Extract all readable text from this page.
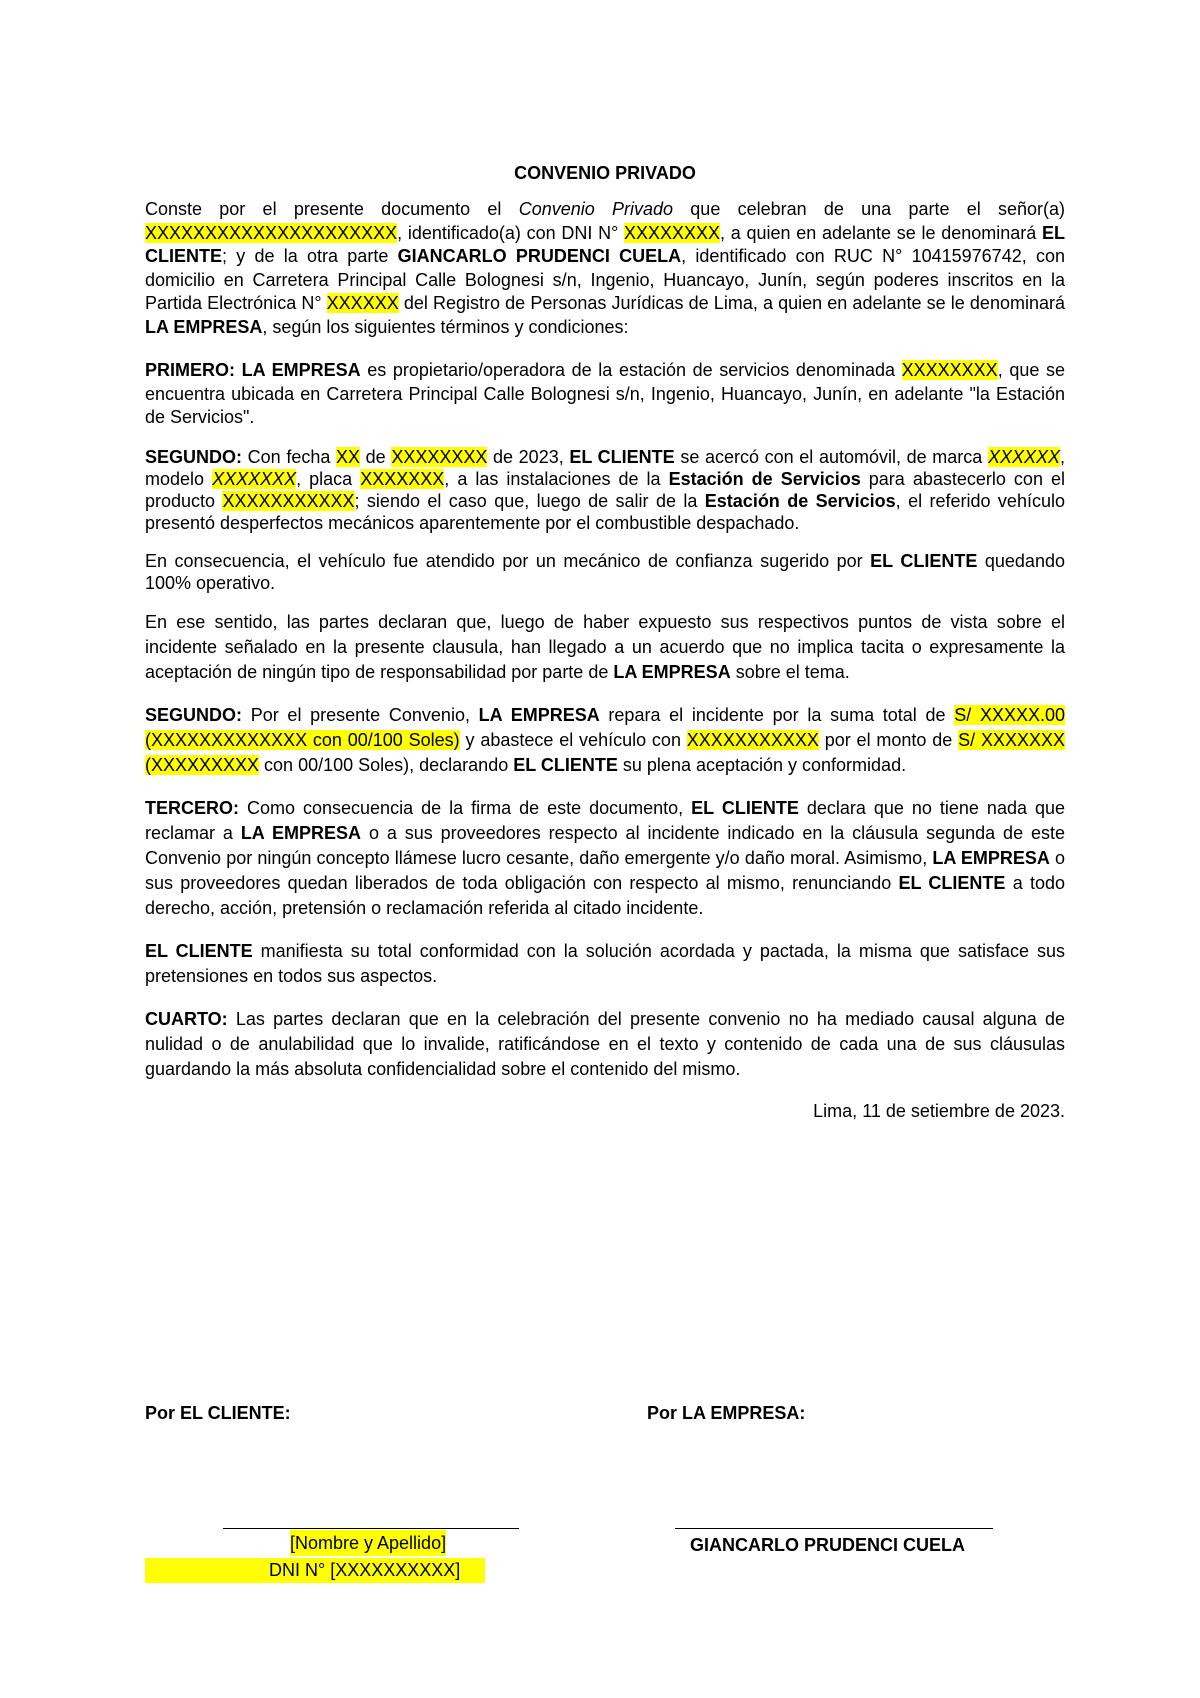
CONVENIO PRIVADO

Conste por el presente documento el Convenio Privado que celebran de una parte el señor(a) XXXXXXXXXXXXXXXXXXXXX, identificado(a) con DNI N° XXXXXXXX, a quien en adelante se le denominará EL CLIENTE; y de la otra parte GIANCARLO PRUDENCI CUELA, identificado con RUC N° 10415976742, con domicilio en Carretera Principal Calle Bolognesi s/n, Ingenio, Huancayo, Junín, según poderes inscritos en la Partida Electrónica N° XXXXXX del Registro de Personas Jurídicas de Lima, a quien en adelante se le denominará LA EMPRESA, según los siguientes términos y condiciones:

PRIMERO: LA EMPRESA es propietario/operadora de la estación de servicios denominada XXXXXXXX, que se encuentra ubicada en Carretera Principal Calle Bolognesi s/n, Ingenio, Huancayo, Junín, en adelante "la Estación de Servicios".

SEGUNDO: Con fecha XX de XXXXXXXX de 2023, EL CLIENTE se acercó con el automóvil, de marca XXXXXX, modelo XXXXXXX, placa XXXXXXX, a las instalaciones de la Estación de Servicios para abastecerlo con el producto XXXXXXXXXXX; siendo el caso que, luego de salir de la Estación de Servicios, el referido vehículo presentó desperfectos mecánicos aparentemente por el combustible despachado.

En consecuencia, el vehículo fue atendido por un mecánico de confianza sugerido por EL CLIENTE quedando 100% operativo.

En ese sentido, las partes declaran que, luego de haber expuesto sus respectivos puntos de vista sobre el incidente señalado en la presente clausula, han llegado a un acuerdo que no implica tacita o expresamente la aceptación de ningún tipo de responsabilidad por parte de LA EMPRESA sobre el tema.

SEGUNDO: Por el presente Convenio, LA EMPRESA repara el incidente por la suma total de S/ XXXXX.00 (XXXXXXXXXXXXX con 00/100 Soles) y abastece el vehículo con XXXXXXXXXXX por el monto de S/ XXXXXXX (XXXXXXXXX con 00/100 Soles), declarando EL CLIENTE su plena aceptación y conformidad.

TERCERO: Como consecuencia de la firma de este documento, EL CLIENTE declara que no tiene nada que reclamar a LA EMPRESA o a sus proveedores respecto al incidente indicado en la cláusula segunda de este Convenio por ningún concepto llámese lucro cesante, daño emergente y/o daño moral. Asimismo, LA EMPRESA o sus proveedores quedan liberados de toda obligación con respecto al mismo, renunciando EL CLIENTE a todo derecho, acción, pretensión o reclamación referida al citado incidente.

EL CLIENTE manifiesta su total conformidad con la solución acordada y pactada, la misma que satisface sus pretensiones en todos sus aspectos.

CUARTO: Las partes declaran que en la celebración del presente convenio no ha mediado causal alguna de nulidad o de anulabilidad que lo invalide, ratificándose en el texto y contenido de cada una de sus cláusulas guardando la más absoluta confidencialidad sobre el contenido del mismo.

Lima, 11 de setiembre de 2023.
Por EL CLIENTE:	Por LA EMPRESA:
[Nombre y Apellido]
DNI N° [XXXXXXXXXX]
GIANCARLO PRUDENCI CUELA
